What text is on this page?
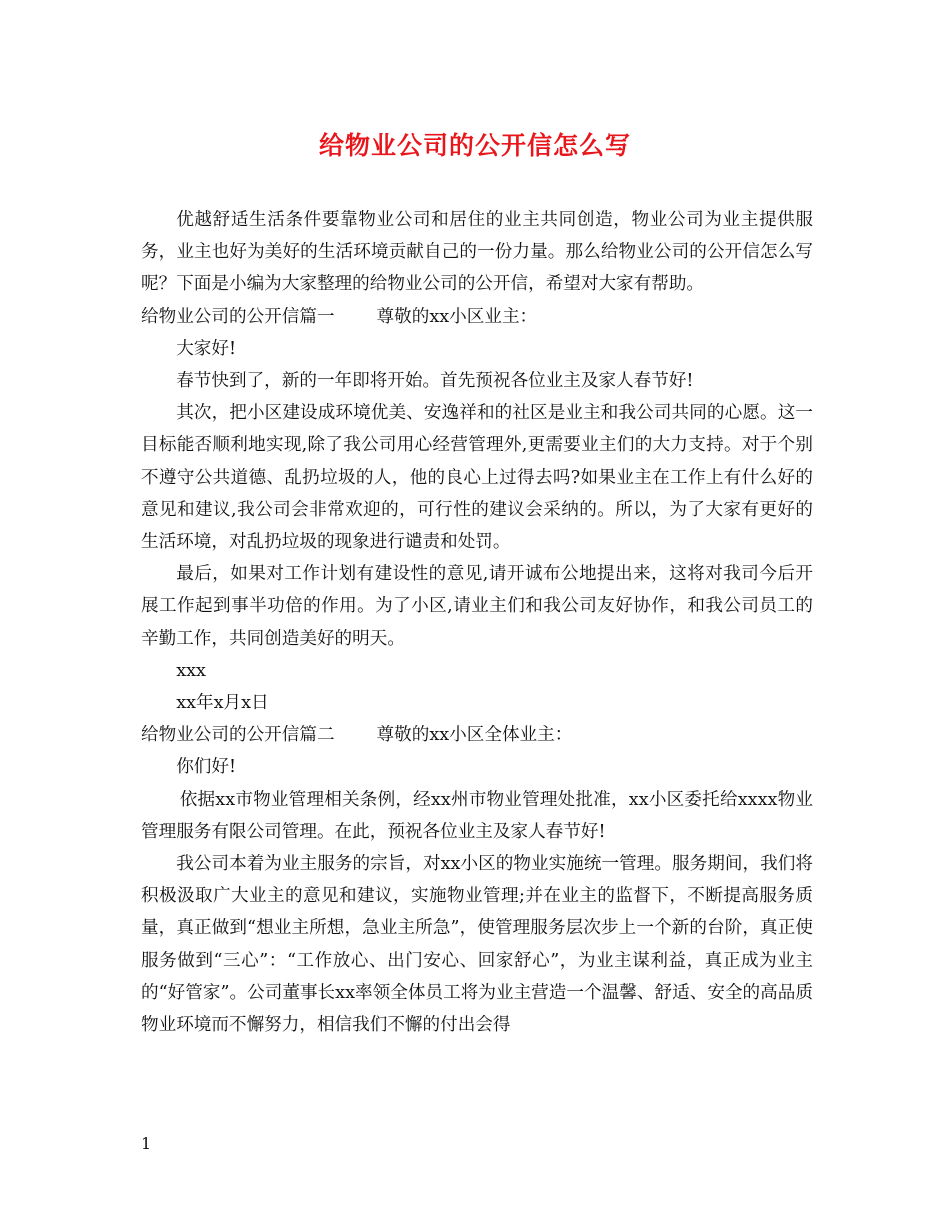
给物业公司的公开信怎么写

优越舒适生活条件要靠物业公司和居住的业主共同创造，物业公司为业主提供服务，业主也好为美好的生活环境贡献自己的一份力量。那么给物业公司的公开信怎么写呢？下面是小编为大家整理的给物业公司的公开信，希望对大家有帮助。

给物业公司的公开信篇一 尊敬的xx小区业主：

大家好!

春节快到了，新的一年即将开始。首先预祝各位业主及家人春节好!

其次，把小区建设成环境优美、安逸祥和的社区是业主和我公司共同的心愿。这一目标能否顺利地实现,除了我公司用心经营管理外,更需要业主们的大力支持。对于个别不遵守公共道德、乱扔垃圾的人，他的良心上过得去吗?如果业主在工作上有什么好的意见和建议,我公司会非常欢迎的，可行性的建议会采纳的。所以，为了大家有更好的生活环境，对乱扔垃圾的现象进行谴责和处罚。

最后，如果对工作计划有建设性的意见,请开诚布公地提出来，这将对我司今后开展工作起到事半功倍的作用。为了小区,请业主们和我公司友好协作，和我公司员工的辛勤工作，共同创造美好的明天。

xxx

xx年x月x日

给物业公司的公开信篇二 尊敬的xx小区全体业主：

你们好!

依据xx市物业管理相关条例，经xx州市物业管理处批准，xx小区委托给xxxx物业管理服务有限公司管理。在此，预祝各位业主及家人春节好!

我公司本着为业主服务的宗旨，对xx小区的物业实施统一管理。服务期间，我们将积极汲取广大业主的意见和建议，实施物业管理;并在业主的监督下，不断提高服务质量，真正做到“想业主所想，急业主所急”，使管理服务层次步上一个新的台阶，真正使服务做到“三心”：“工作放心、出门安心、回家舒心”，为业主谋利益，真正成为业主的“好管家”。公司董事长xx率领全体员工将为业主营造一个温馨、舒适、安全的高品质物业环境而不懈努力，相信我们不懈的付出会得

1
